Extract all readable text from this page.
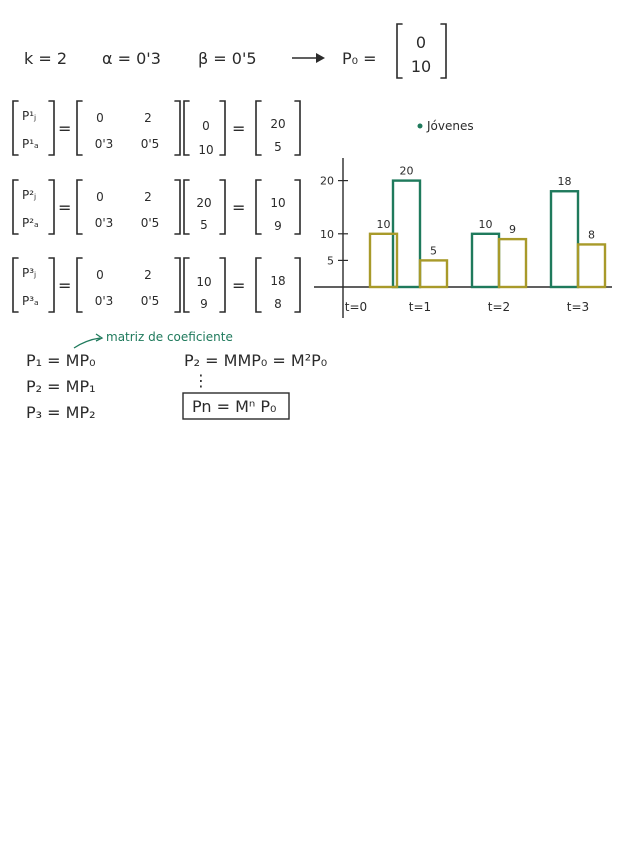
k = 2 α = 0'3 β = 0'5	P₀ =
0
10
P¹ⱼ
P¹ₐ
=
0	2
0'3 0'5
0
10
= 20
5
P²ⱼ
P²ₐ
=
0	2
0'3 0'5
20
5
= 10
9
P³ⱼ
P³ₐ
=
0	2
0'3 0'5
10
9
= 18
8
Jóvenes
5
10
20
20
10
18
10
5
9	8
t=0	t=1	t=2	t=3
matriz de coeficiente
P₁ = MP₀
P₂ = MP₁
P₃ = MP₂
P₂ = MMP₀ = M²P₀
⋮
Pn = Mⁿ P₀
